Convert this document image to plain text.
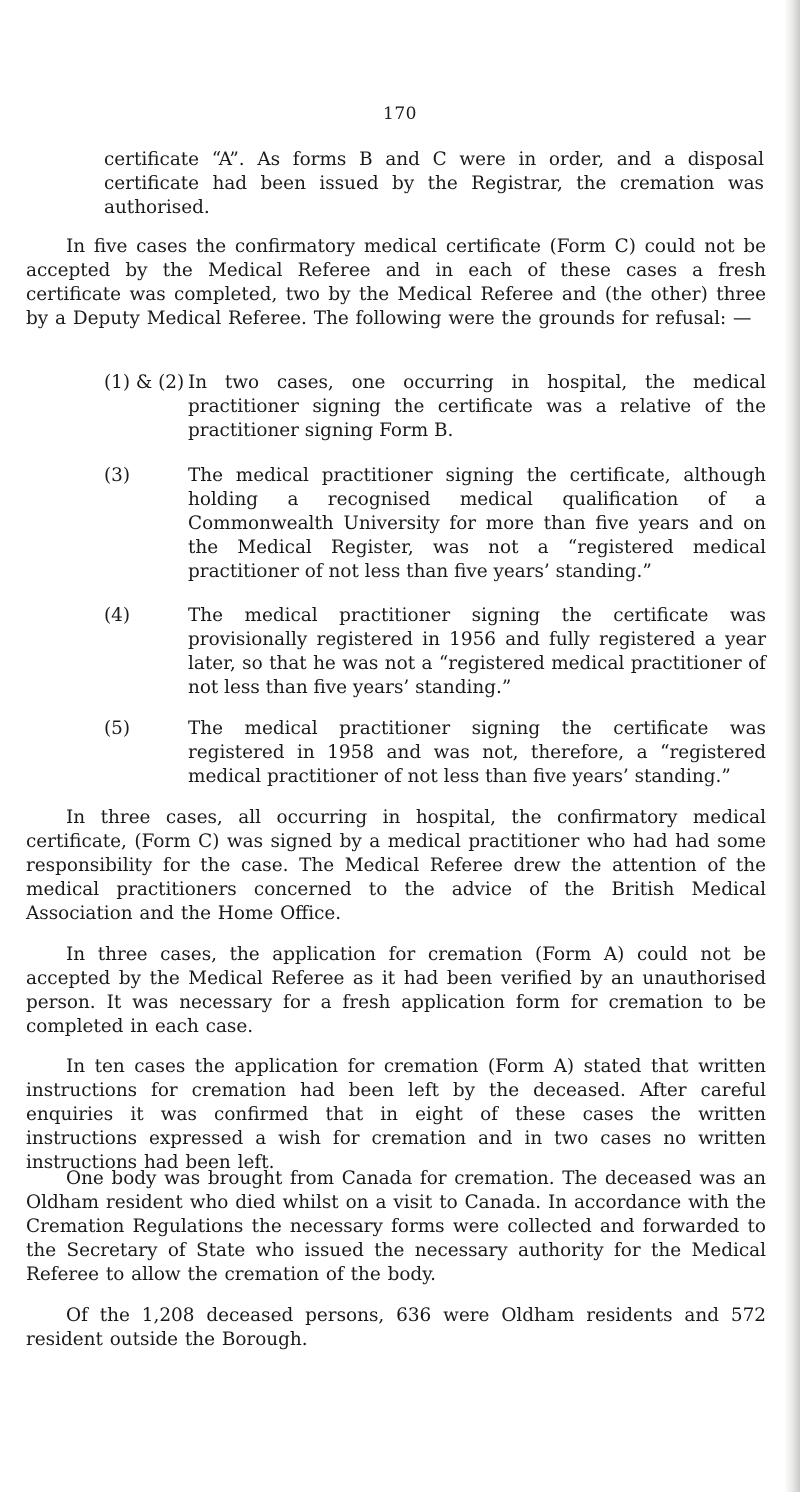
170

certificate “A”. As forms B and C were in order, and a disposal certificate had been issued by the Registrar, the cremation was authorised.

In five cases the confirmatory medical certificate (Form C) could not be accepted by the Medical Referee and in each of these cases a fresh certificate was completed, two by the Medical Referee and (the other) three by a Deputy Medical Referee. The following were the grounds for refusal: —

(1) & (2) In two cases, one occurring in hospital, the medical practitioner signing the certificate was a relative of the practitioner signing Form B.

(3)	The medical practitioner signing the certificate, although holding a recognised medical qualification of a Commonwealth University for more than five years and on the Medical Register, was not a “registered medical practitioner of not less than five years’ standing.”

(4)	The medical practitioner signing the certificate was provisionally registered in 1956 and fully registered a year later, so that he was not a “registered medical practitioner of not less than five years’ standing.”

(5)	The medical practitioner signing the certificate was registered in 1958 and was not, therefore, a “registered medical practitioner of not less than five years’ standing.”

In three cases, all occurring in hospital, the confirmatory medical certificate, (Form C) was signed by a medical practitioner who had had some responsibility for the case. The Medical Referee drew the attention of the medical practitioners concerned to the advice of the British Medical Association and the Home Office.

In three cases, the application for cremation (Form A) could not be accepted by the Medical Referee as it had been verified by an unauthorised person. It was necessary for a fresh application form for cremation to be completed in each case.

In ten cases the application for cremation (Form A) stated that written instructions for cremation had been left by the deceased. After careful enquiries it was confirmed that in eight of these cases the written instructions expressed a wish for cremation and in two cases no written instructions had been left.

One body was brought from Canada for cremation. The deceased was an Oldham resident who died whilst on a visit to Canada. In accordance with the Cremation Regulations the necessary forms were collected and forwarded to the Secretary of State who issued the necessary authority for the Medical Referee to allow the cremation of the body.

Of the 1,208 deceased persons, 636 were Oldham residents and 572 resident outside the Borough.
